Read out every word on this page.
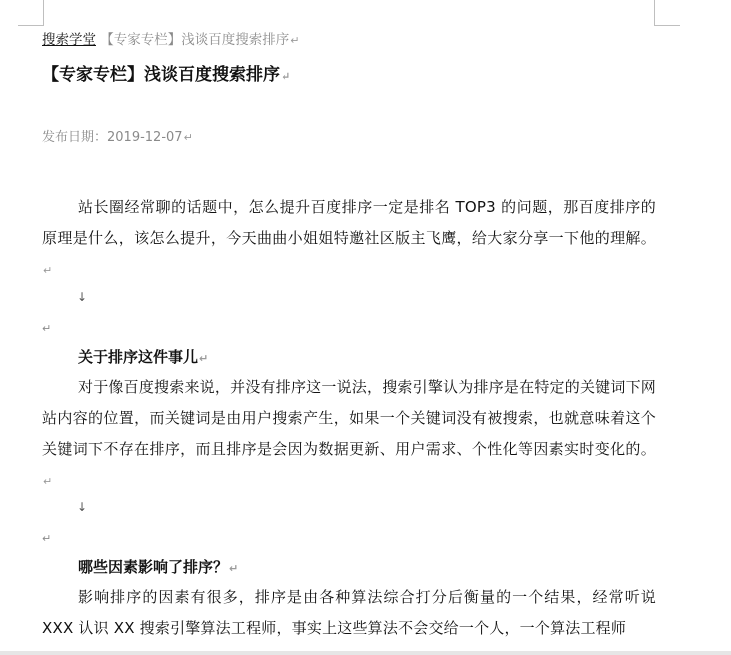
搜索学堂 【专家专栏】浅谈百度搜索排序↵
【专家专栏】浅谈百度搜索排序↵
发布日期：2019-12-07↵
站长圈经常聊的话题中，怎么提升百度排序一定是排名 TOP3 的问题，那百度排序的原理是什么，该怎么提升，今天曲曲小姐姐特邀社区版主飞鹰，给大家分享一下他的理解。↵
↓
↵
关于排序这件事儿↵
对于像百度搜索来说，并没有排序这一说法，搜索引擎认为排序是在特定的关键词下网站内容的位置，而关键词是由用户搜索产生，如果一个关键词没有被搜索，也就意味着这个关键词下不存在排序，而且排序是会因为数据更新、用户需求、个性化等因素实时变化的。↵
↓
↵
哪些因素影响了排序？↵
影响排序的因素有很多，排序是由各种算法综合打分后衡量的一个结果，经常听说 XXX 认识 XX 搜索引擎算法工程师，事实上这些算法不会交给一个人，一个算法工程师
